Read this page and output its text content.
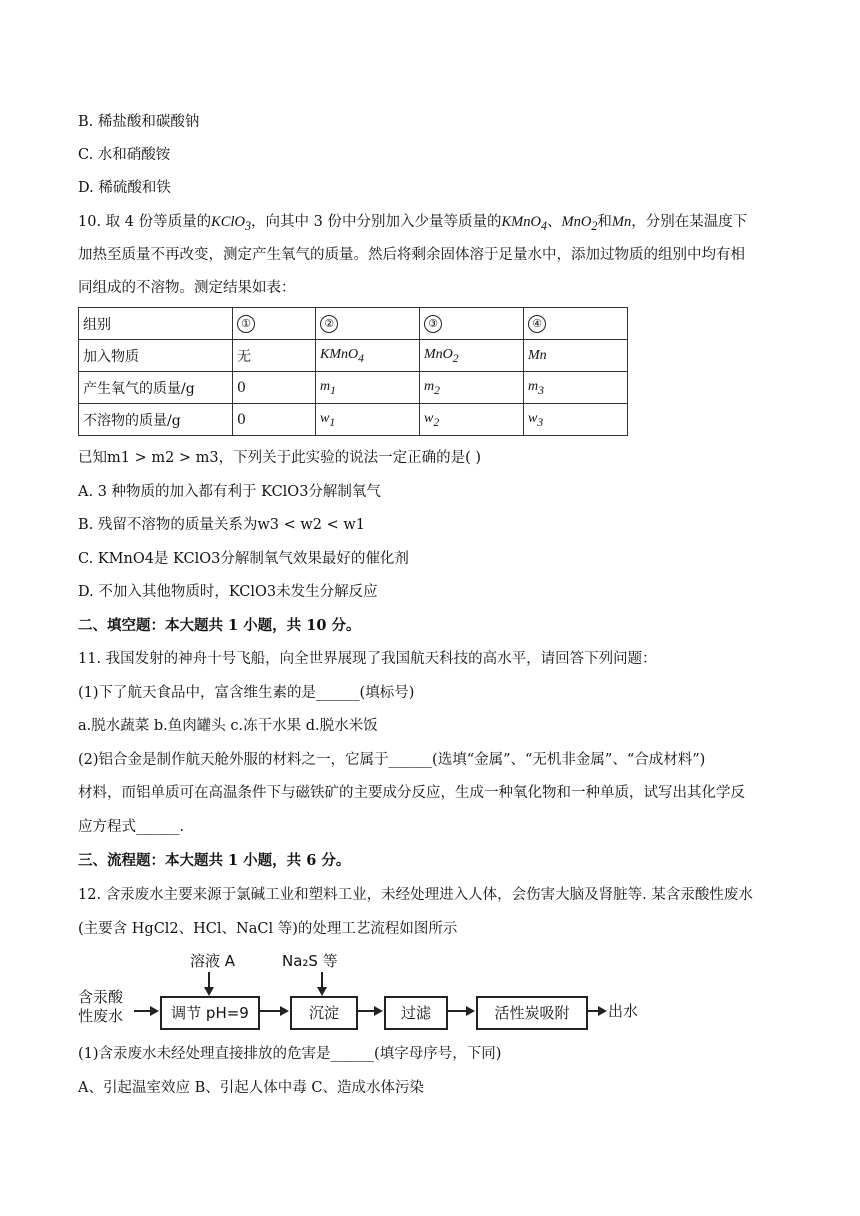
B. 稀盐酸和碳酸钠
C. 水和硝酸铵
D. 稀硫酸和铁
10. 取 4 份等质量的KClO$_3$，向其中 3 份中分别加入少量等质量的KMnO$_4$、MnO$_2$和Mn，分别在某温度下
加热至质量不再改变，测定产生氧气的质量。然后将剩余固体溶于足量水中，添加过物质的组别中均有相
同组成的不溶物。测定结果如表：
组别	①	②	③	④
加入物质	无	KMnO$_4$	MnO$_2$	Mn
产生氧气的质量/g	0	$m_1$	$m_2$	$m_3$
不溶物的质量/g	0	$w_1$	$w_2$	$w_3$
已知m1 > m2 > m3，下列关于此实验的说法一定正确的是( )
A. 3 种物质的加入都有利于 KClO3分解制氧气
B. 残留不溶物的质量关系为w3 < w2 < w1
C. KMnO4是 KClO3分解制氧气效果最好的催化剂
D. 不加入其他物质时，KClO3未发生分解反应
二、填空题：本大题共 1 小题，共 10 分。
11. 我国发射的神舟十号飞船，向全世界展现了我国航天科技的高水平，请回答下列问题：
(1)下了航天食品中，富含维生素的是______(填标号)
a.脱水蔬菜 b.鱼肉罐头 c.冻干水果 d.脱水米饭
(2)铝合金是制作航天舱外服的材料之一，它属于______(选填“金属”、“无机非金属”、“合成材料”)
材料，而铝单质可在高温条件下与磁铁矿的主要成分反应，生成一种氧化物和一种单质，试写出其化学反
应方程式______.
三、流程题：本大题共 1 小题，共 6 分。
12. 含汞废水主要来源于氯碱工业和塑料工业，未经处理进入人体，会伤害大脑及肾脏等. 某含汞酸性废水
(主要含 HgCl2、HCl、NaCl 等)的处理工艺流程如图所示
含汞酸
性废水	调节 pH=9
溶液 A
沉淀
Na₂S 等
过滤	活性炭吸附	出水
(1)含汞废水未经处理直接排放的危害是______(填字母序号，下同)
A、引起温室效应 B、引起人体中毒 C、造成水体污染
